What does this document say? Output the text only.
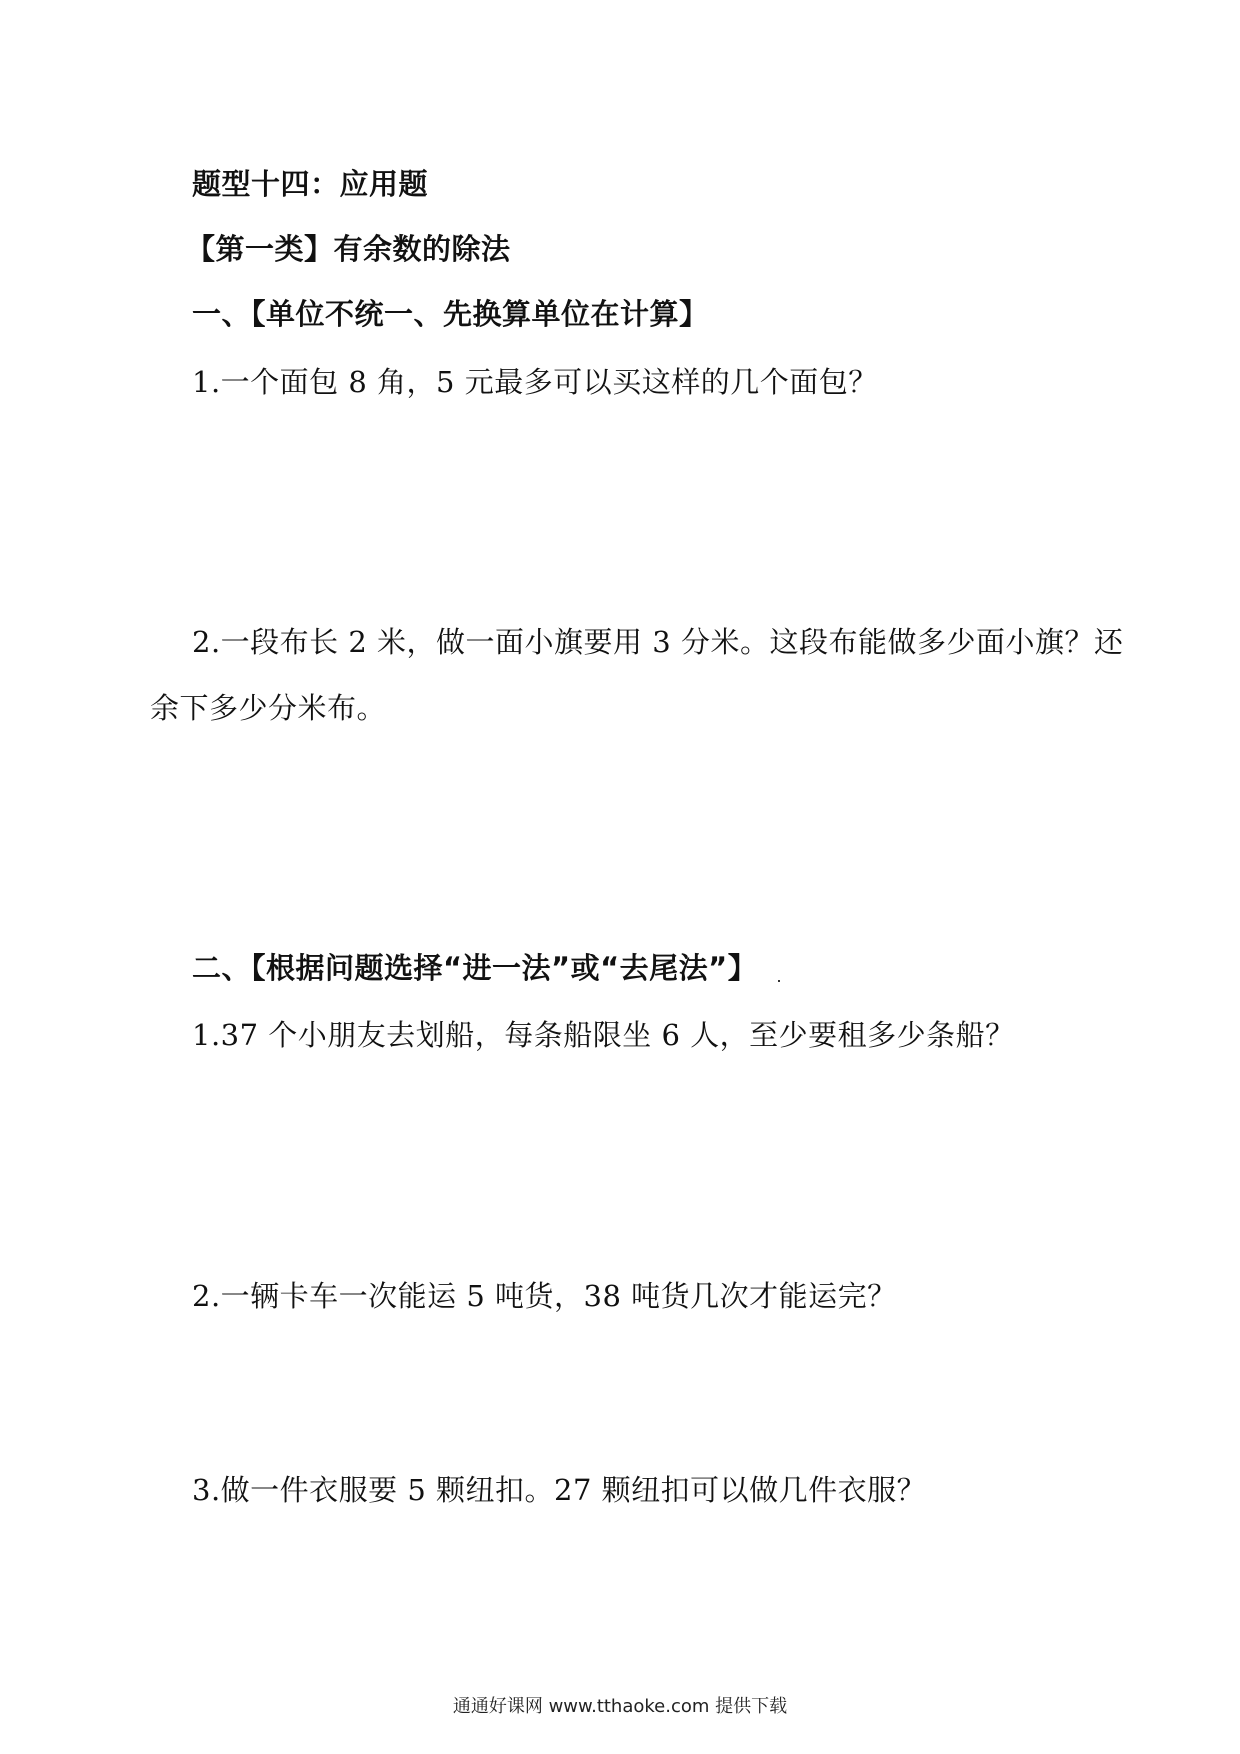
题型十四：应用题
【第一类】有余数的除法
一、【单位不统一、先换算单位在计算】
1.一个面包 8 角，5 元最多可以买这样的几个面包？
2.一段布长 2 米，做一面小旗要用 3 分米。这段布能做多少面小旗？还
余下多少分米布。
二、【根据问题选择“进一法”或“去尾法”】
1.37 个小朋友去划船，每条船限坐 6 人，至少要租多少条船？
2.一辆卡车一次能运 5 吨货，38 吨货几次才能运完？
3.做一件衣服要 5 颗纽扣。27 颗纽扣可以做几件衣服？
通通好课网 www.tthaoke.com 提供下载
